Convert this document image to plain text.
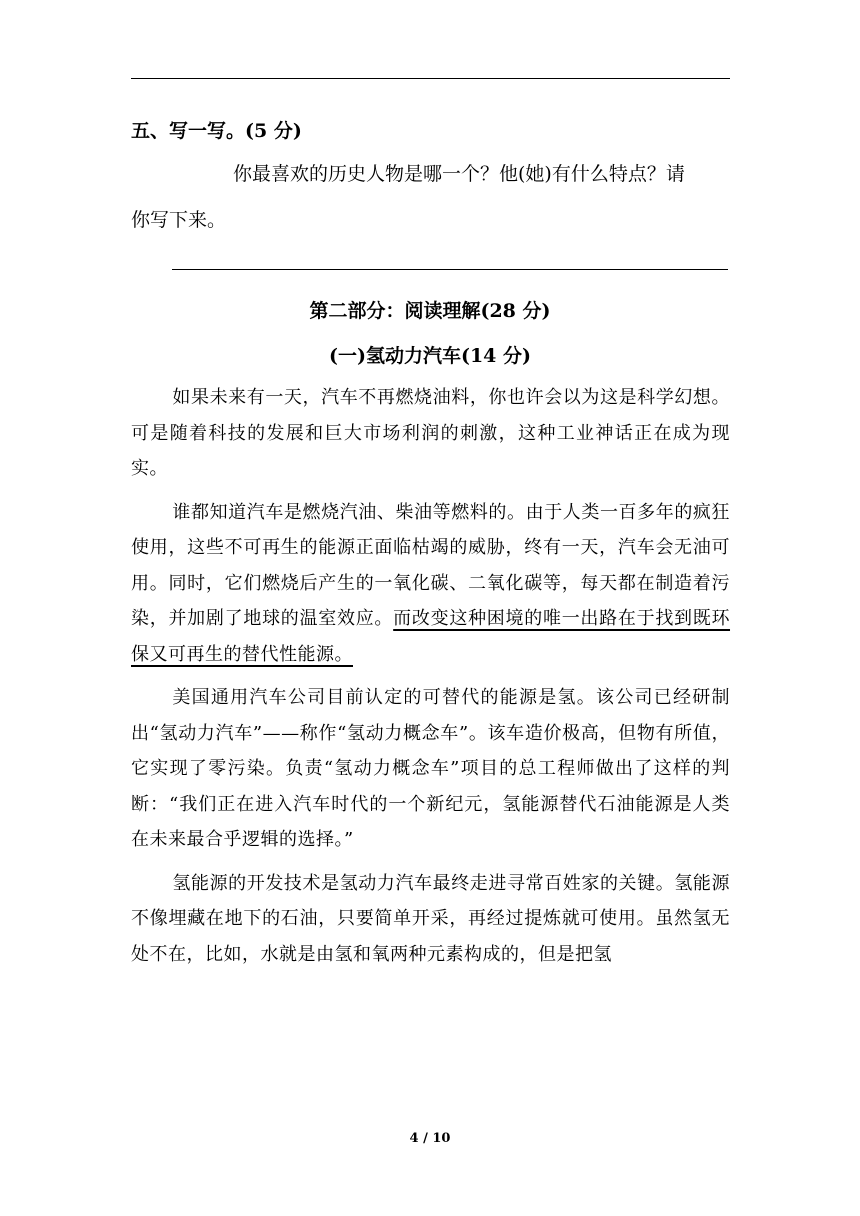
五、写一写。(5 分)
你最喜欢的历史人物是哪一个？他(她)有什么特点？请
你写下来。
第二部分：阅读理解(28 分)
(一)氢动力汽车(14 分)

如果未来有一天，汽车不再燃烧油料，你也许会以为这是科学幻想。可是随着科技的发展和巨大市场利润的刺激，这种工业神话正在成为现实。

谁都知道汽车是燃烧汽油、柴油等燃料的。由于人类一百多年的疯狂使用，这些不可再生的能源正面临枯竭的威胁，终有一天，汽车会无油可用。同时，它们燃烧后产生的一氧化碳、二氧化碳等，每天都在制造着污染，并加剧了地球的温室效应。而改变这种困境的唯一出路在于找到既环保又可再生的替代性能源。

美国通用汽车公司目前认定的可替代的能源是氢。该公司已经研制出“氢动力汽车”——称作“氢动力概念车”。该车造价极高，但物有所值，它实现了零污染。负责“氢动力概念车”项目的总工程师做出了这样的判断：“我们正在进入汽车时代的一个新纪元，氢能源替代石油能源是人类在未来最合乎逻辑的选择。”

氢能源的开发技术是氢动力汽车最终走进寻常百姓家的关键。氢能源不像埋藏在地下的石油，只要简单开采，再经过提炼就可使用。虽然氢无处不在，比如，水就是由氢和氧两种元素构成的，但是把氢

4 / 10
